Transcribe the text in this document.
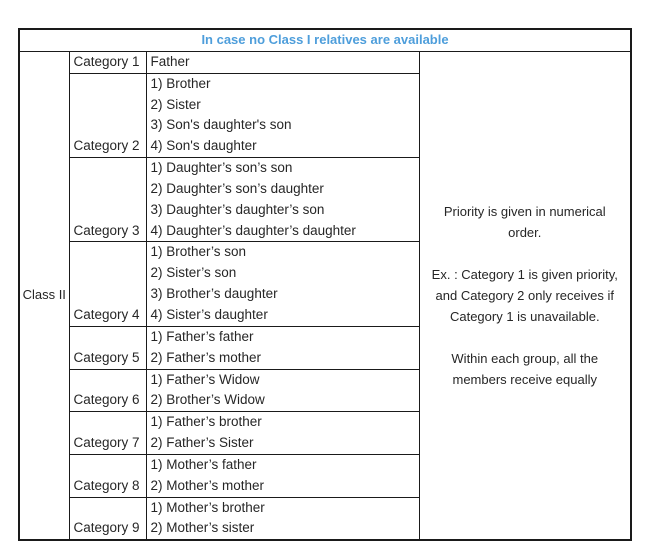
In case no Class I relatives are available			
Class II	Category 1	Father	Priority is given in numerical order.

Ex. : Category 1 is given priority, and Category 2 only receives if Category 1 is unavailable.

Within each group, all the members receive equally

	Category 2	1) Brother	
		2) Sister	
		3) Son's daughter's son	
		4) Son's daughter	
	Category 3	1) Daughter’s son’s son	
		2) Daughter’s son’s daughter	
		3) Daughter’s daughter’s son	
		4) Daughter’s daughter’s daughter	
	Category 4	1) Brother’s son	
		2) Sister’s son	
		3) Brother’s daughter	
		4) Sister’s daughter	
	Category 5	1) Father’s father	
		2) Father’s mother	
	Category 6	1) Father’s Widow	
		2) Brother’s Widow	
	Category 7	1) Father’s brother	
		2) Father’s Sister	
	Category 8	1) Mother’s father	
		2) Mother’s mother	
	Category 9	1) Mother’s brother	
		2) Mother’s sister	
